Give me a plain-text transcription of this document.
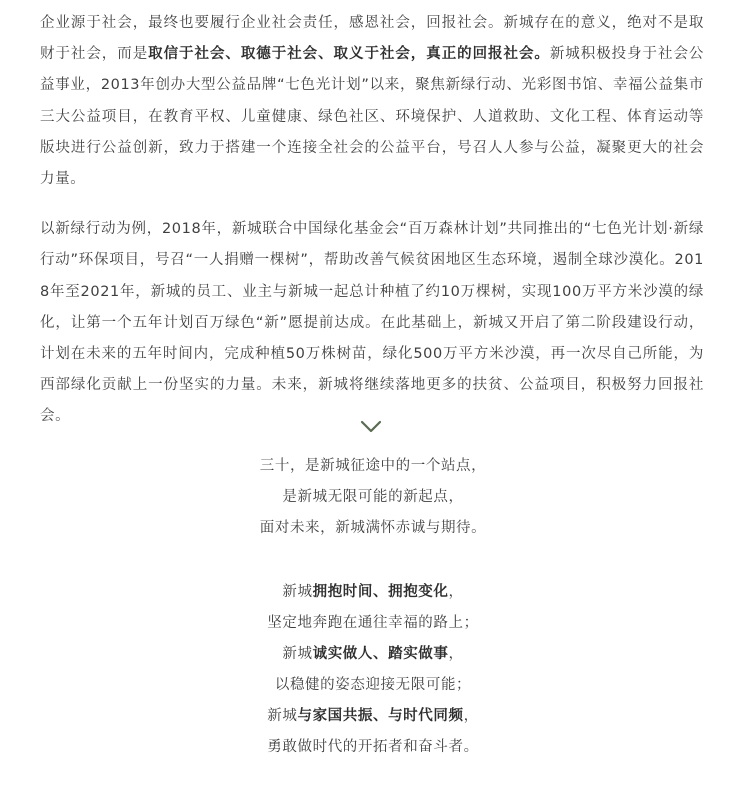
企业源于社会，最终也要履行企业社会责任，感恩社会，回报社会。新城存在的意义，绝对不是取财于社会，而是取信于社会、取德于社会、取义于社会，真正的回报社会。新城积极投身于社会公益事业，2013年创办大型公益品牌“七色光计划”以来，聚焦新绿行动、光彩图书馆、幸福公益集市三大公益项目，在教育平权、儿童健康、绿色社区、环境保护、人道救助、文化工程、体育运动等版块进行公益创新，致力于搭建一个连接全社会的公益平台，号召人人参与公益，凝聚更大的社会力量。

以新绿行动为例，2018年，新城联合中国绿化基金会“百万森林计划”共同推出的“七色光计划·新绿行动”环保项目，号召“一人捐赠一棵树”，帮助改善气候贫困地区生态环境，遏制全球沙漠化。2018年至2021年，新城的员工、业主与新城一起总计种植了约10万棵树，实现100万平方米沙漠的绿化，让第一个五年计划百万绿色“新”愿提前达成。在此基础上，新城又开启了第二阶段建设行动，计划在未来的五年时间内，完成种植50万株树苗，绿化500万平方米沙漠，再一次尽自己所能，为西部绿化贡献上一份坚实的力量。未来，新城将继续落地更多的扶贫、公益项目，积极努力回报社会。

三十，是新城征途中的一个站点，
是新城无限可能的新起点，
面对未来，新城满怀赤诚与期待。
新城拥抱时间、拥抱变化，
坚定地奔跑在通往幸福的路上；
新城诚实做人、踏实做事，
以稳健的姿态迎接无限可能；
新城与家国共振、与时代同频，
勇敢做时代的开拓者和奋斗者。
